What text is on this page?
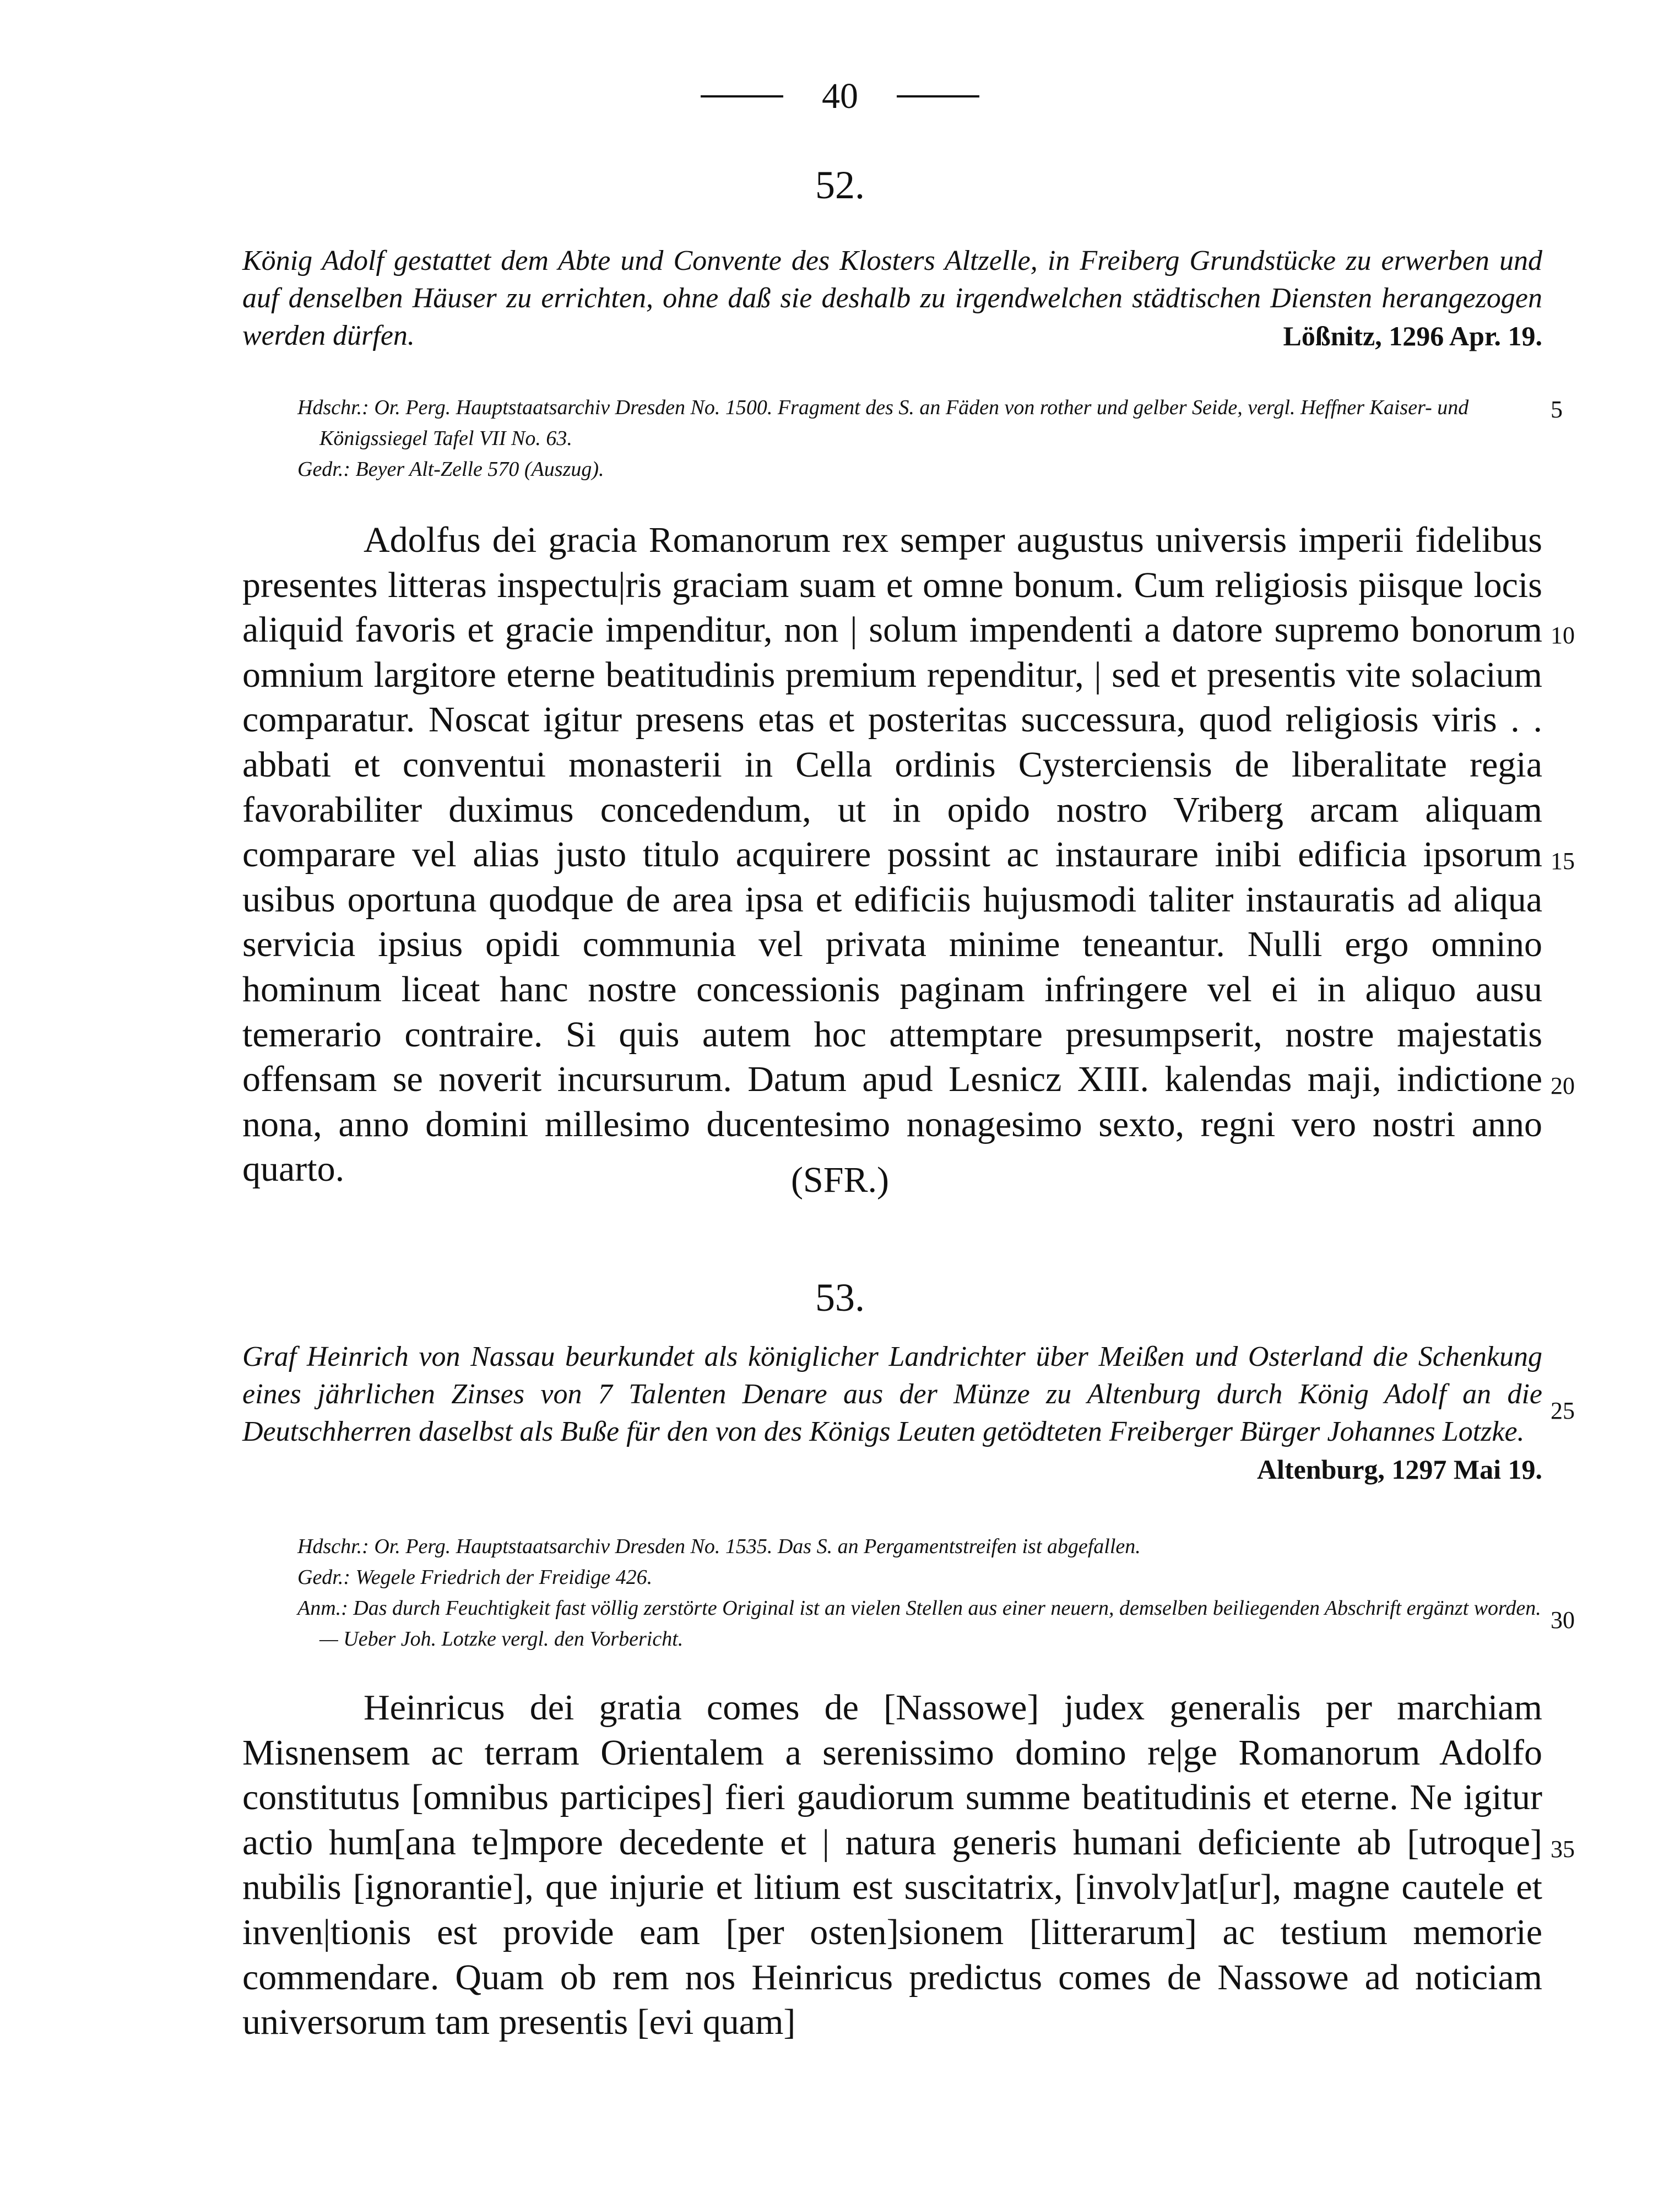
40
52.
König Adolf gestattet dem Abte und Convente des Klosters Altzelle, in Freiberg Grundstücke zu erwerben und auf denselben Häuser zu errichten, ohne daß sie deshalb zu irgendwelchen städtischen Diensten herangezogen werden dürfen.	Lößnitz, 1296 Apr. 19.
Hdschr.: Or. Perg. Hauptstaatsarchiv Dresden No. 1500. Fragment des S. an Fäden von rother und gelber Seide, vergl. Heffner Kaiser- und Königssiegel Tafel VII No. 63.
Gedr.: Beyer Alt-Zelle 570 (Auszug).
Adolfus dei gracia Romanorum rex semper augustus universis imperii fidelibus presentes litteras inspectu|ris graciam suam et omne bonum. Cum religiosis piisque locis aliquid favoris et gracie impenditur, non | solum impendenti a datore supremo bonorum omnium largitore eterne beatitudinis premium rependitur, | sed et presentis vite solacium comparatur. Noscat igitur presens etas et posteritas successura, quod religiosis viris . . abbati et conventui monasterii in Cella ordinis Cysterciensis de liberalitate regia favorabiliter duximus concedendum, ut in opido nostro Vriberg arcam aliquam comparare vel alias justo titulo acquirere possint ac instaurare inibi edificia ipsorum usibus oportuna quodque de area ipsa et edificiis hujusmodi taliter instauratis ad aliqua servicia ipsius opidi communia vel privata minime teneantur. Nulli ergo omnino hominum liceat hanc nostre concessionis paginam infringere vel ei in aliquo ausu temerario contraire. Si quis autem hoc attemptare presumpserit, nostre majestatis offensam se noverit incursurum. Datum apud Lesnicz XIII. kalendas maji, indictione nona, anno domini millesimo ducentesimo nonagesimo sexto, regni vero nostri anno quarto.	(SFR.)
53.
Graf Heinrich von Nassau beurkundet als königlicher Landrichter über Meißen und Osterland die Schenkung eines jährlichen Zinses von 7 Talenten Denare aus der Münze zu Altenburg durch König Adolf an die Deutschherren daselbst als Buße für den von des Königs Leuten getödteten Freiberger Bürger Johannes Lotzke.
Altenburg, 1297 Mai 19.
Hdschr.: Or. Perg. Hauptstaatsarchiv Dresden No. 1535. Das S. an Pergamentstreifen ist abgefallen.
Gedr.: Wegele Friedrich der Freidige 426.
Anm.: Das durch Feuchtigkeit fast völlig zerstörte Original ist an vielen Stellen aus einer neuern, demselben beiliegenden Abschrift ergänzt worden. — Ueber Joh. Lotzke vergl. den Vorbericht.
Heinricus dei gratia comes de [Nassowe] judex generalis per marchiam Misnensem ac terram Orientalem a serenissimo domino re|ge Romanorum Adolfo constitutus [omnibus participes] fieri gaudiorum summe beatitudinis et eterne. Ne igitur actio hum[ana te]mpore decedente et | natura generis humani deficiente ab [utroque] nubilis [ignorantie], que injurie et litium est suscitatrix, [involv]at[ur], magne cautele et inven|tionis est provide eam [per osten]sionem [litterarum] ac testium memorie commendare. Quam ob rem nos Heinricus predictus comes de Nassowe ad noticiam universorum tam presentis [evi quam]
5
10
15
20
25
30
35
